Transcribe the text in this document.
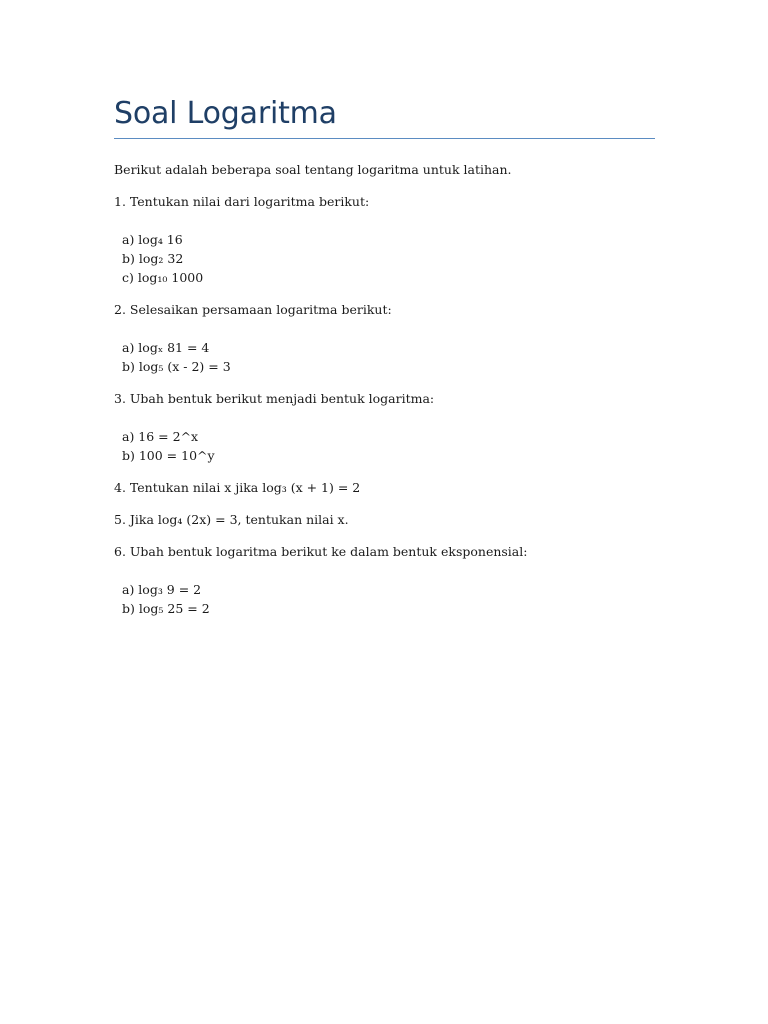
Soal Logaritma

Berikut adalah beberapa soal tentang logaritma untuk latihan.

1. Tentukan nilai dari logaritma berikut:

a) log₄ 16
b) log₂ 32
c) log₁₀ 1000

2. Selesaikan persamaan logaritma berikut:

a) logₓ 81 = 4
b) log₅ (x - 2) = 3

3. Ubah bentuk berikut menjadi bentuk logaritma:

a) 16 = 2^x
b) 100 = 10^y

4. Tentukan nilai x jika log₃ (x + 1) = 2

5. Jika log₄ (2x) = 3, tentukan nilai x.

6. Ubah bentuk logaritma berikut ke dalam bentuk eksponensial:

a) log₃ 9 = 2
b) log₅ 25 = 2
